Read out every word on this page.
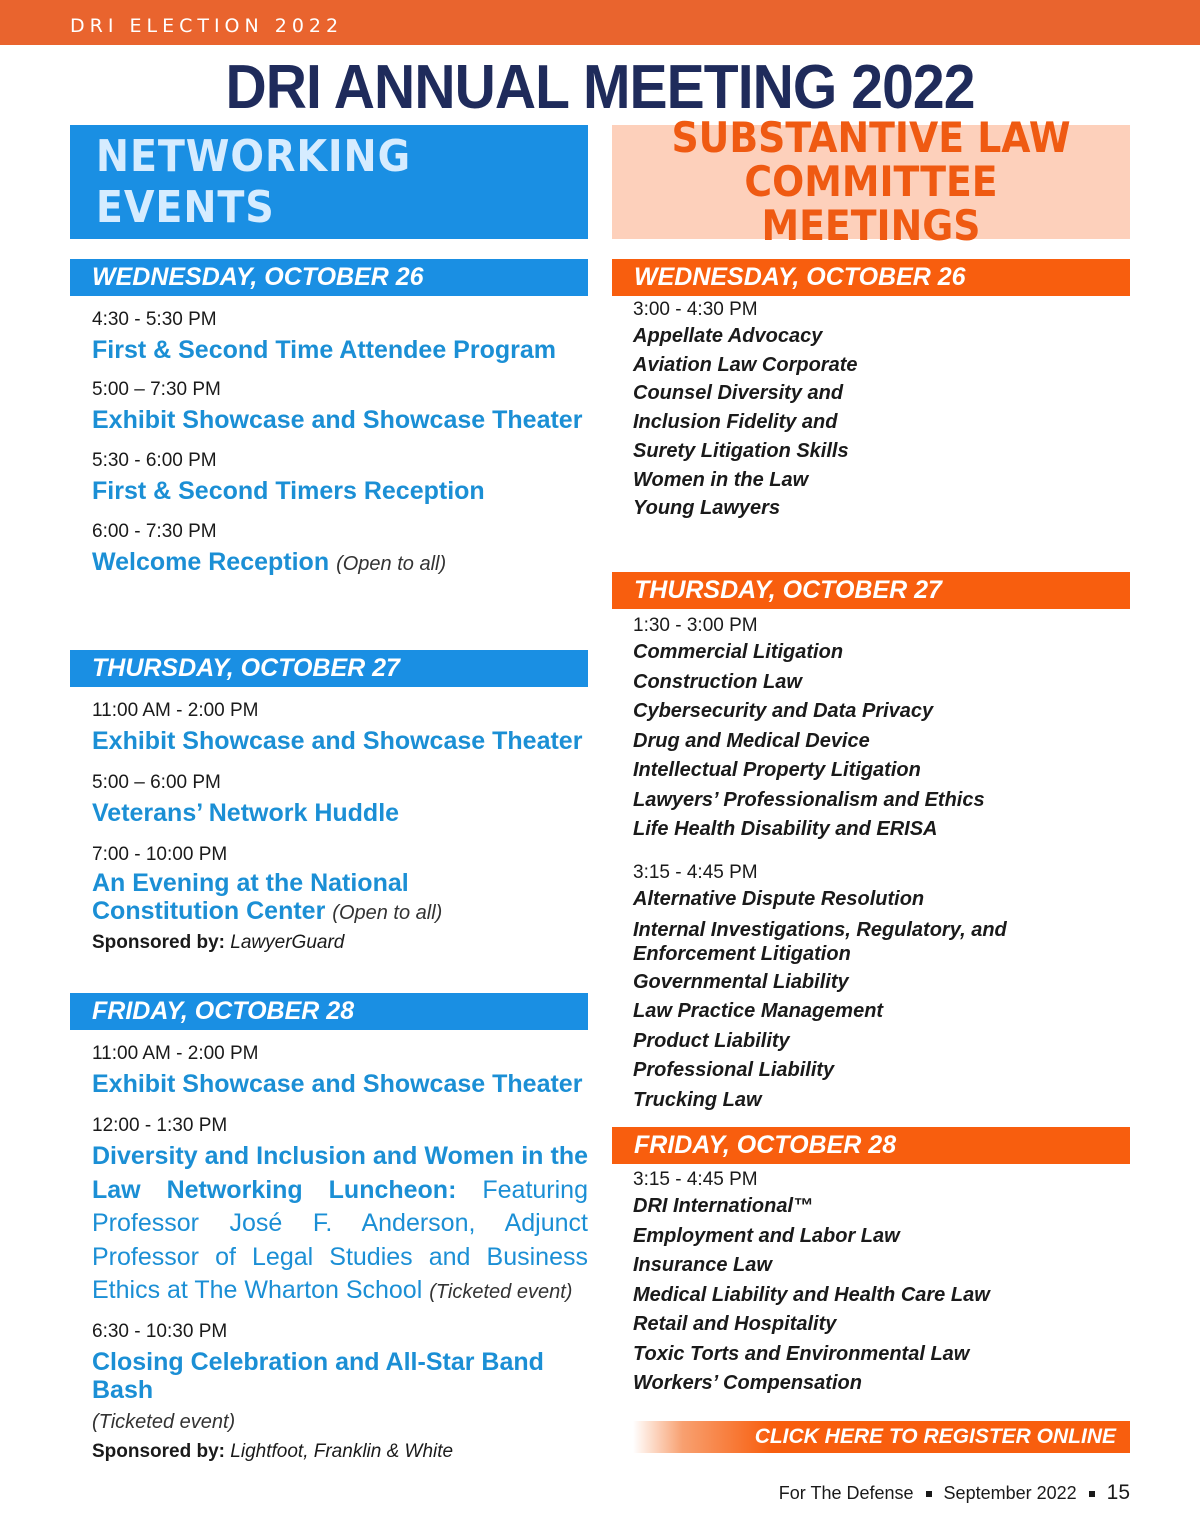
DRI ELECTION 2022
DRI ANNUAL MEETING 2022
NETWORKING EVENTS
SUBSTANTIVE LAW
COMMITTEE MEETINGS
WEDNESDAY, OCTOBER 26
4:30 - 5:30 PM
First & Second Time Attendee Program
5:00 – 7:30 PM
Exhibit Showcase and Showcase Theater
5:30 - 6:00 PM
First & Second Timers Reception
6:00 - 7:30 PM
Welcome Reception (Open to all)
THURSDAY, OCTOBER 27
11:00 AM - 2:00 PM
Exhibit Showcase and Showcase Theater
5:00 – 6:00 PM
Veterans’ Network Huddle
7:00 - 10:00 PM
An Evening at the National Constitution Center (Open to all)
Sponsored by: LawyerGuard
FRIDAY, OCTOBER 28
11:00 AM - 2:00 PM
Exhibit Showcase and Showcase Theater
12:00 - 1:30 PM
Diversity and Inclusion and Women in the Law Networking Luncheon: Featuring Professor José F. Anderson, Adjunct Professor of Legal Studies and Business Ethics at The Wharton School (Ticketed event)
6:30 - 10:30 PM
Closing Celebration and All-Star Band Bash
(Ticketed event)
Sponsored by: Lightfoot, Franklin & White
WEDNESDAY, OCTOBER 26
3:00 - 4:30 PM
Appellate Advocacy
Aviation Law Corporate
Counsel Diversity and
Inclusion Fidelity and
Surety Litigation Skills
Women in the Law
Young Lawyers
THURSDAY, OCTOBER 27
1:30 - 3:00 PM
Commercial Litigation
Construction Law
Cybersecurity and Data Privacy
Drug and Medical Device
Intellectual Property Litigation
Lawyers’ Professionalism and Ethics
Life Health Disability and ERISA
3:15 - 4:45 PM
Alternative Dispute Resolution
Internal Investigations, Regulatory, and Enforcement Litigation
Governmental Liability
Law Practice Management
Product Liability
Professional Liability
Trucking Law
FRIDAY, OCTOBER 28
3:15 - 4:45 PM
DRI International™
Employment and Labor Law
Insurance Law
Medical Liability and Health Care Law
Retail and Hospitality
Toxic Torts and Environmental Law
Workers’ Compensation
CLICK HERE TO REGISTER ONLINE
For The Defense September 2022 15
